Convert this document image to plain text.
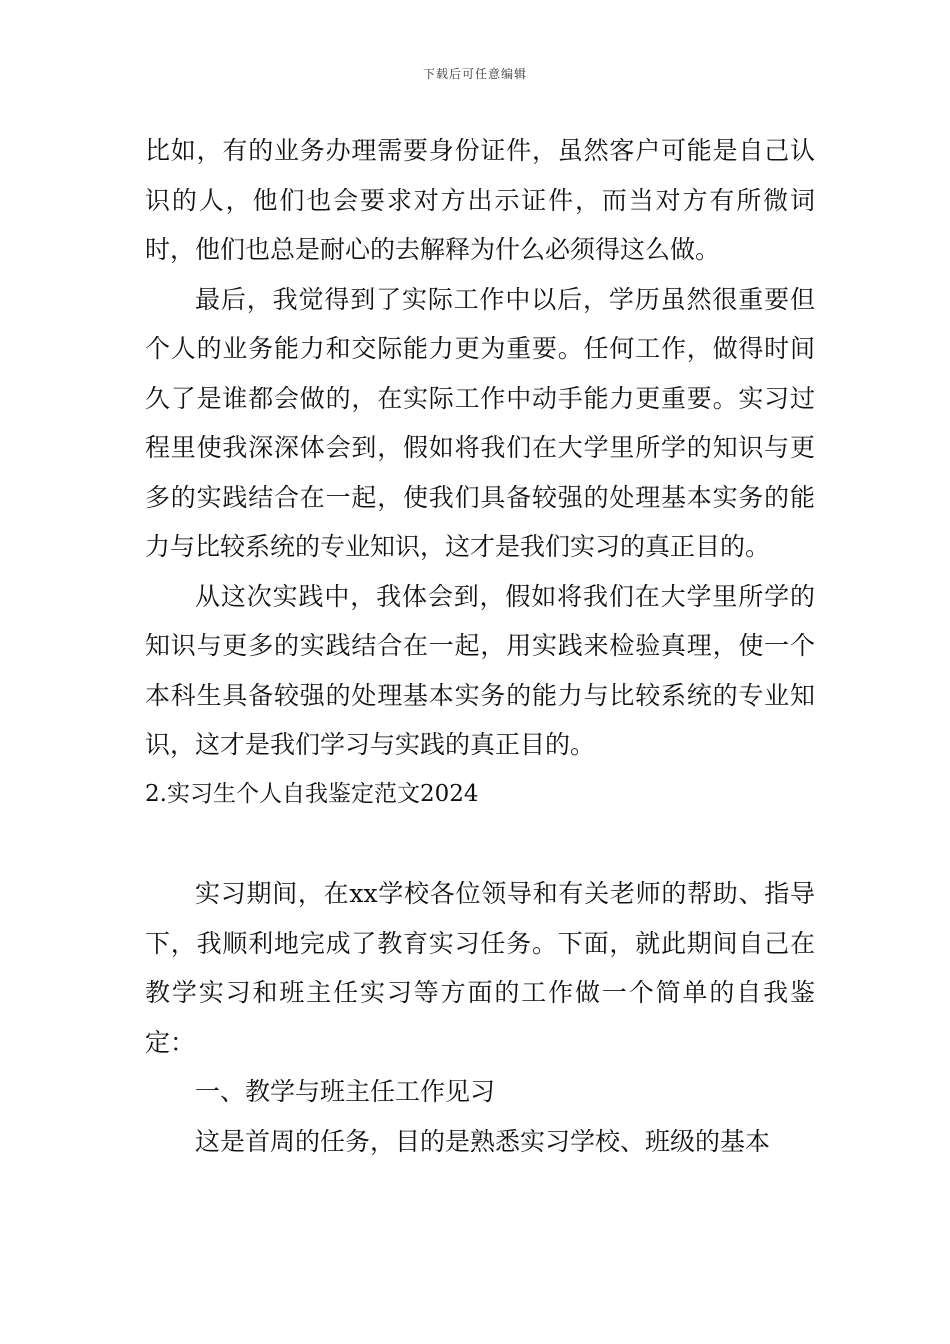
下载后可任意编辑

比如，有的业务办理需要身份证件，虽然客户可能是自己认识的人，他们也会要求对方出示证件，而当对方有所微词时，他们也总是耐心的去解释为什么必须得这么做。

最后，我觉得到了实际工作中以后，学历虽然很重要但个人的业务能力和交际能力更为重要。任何工作，做得时间久了是谁都会做的，在实际工作中动手能力更重要。实习过程里使我深深体会到，假如将我们在大学里所学的知识与更多的实践结合在一起，使我们具备较强的处理基本实务的能力与比较系统的专业知识，这才是我们实习的真正目的。

从这次实践中，我体会到，假如将我们在大学里所学的知识与更多的实践结合在一起，用实践来检验真理，使一个本科生具备较强的处理基本实务的能力与比较系统的专业知识，这才是我们学习与实践的真正目的。

2.实习生个人自我鉴定范文2024

实习期间，在xx学校各位领导和有关老师的帮助、指导下，我顺利地完成了教育实习任务。下面，就此期间自己在教学实习和班主任实习等方面的工作做一个简单的自我鉴定：

一、教学与班主任工作见习

这是首周的任务，目的是熟悉实习学校、班级的基本
